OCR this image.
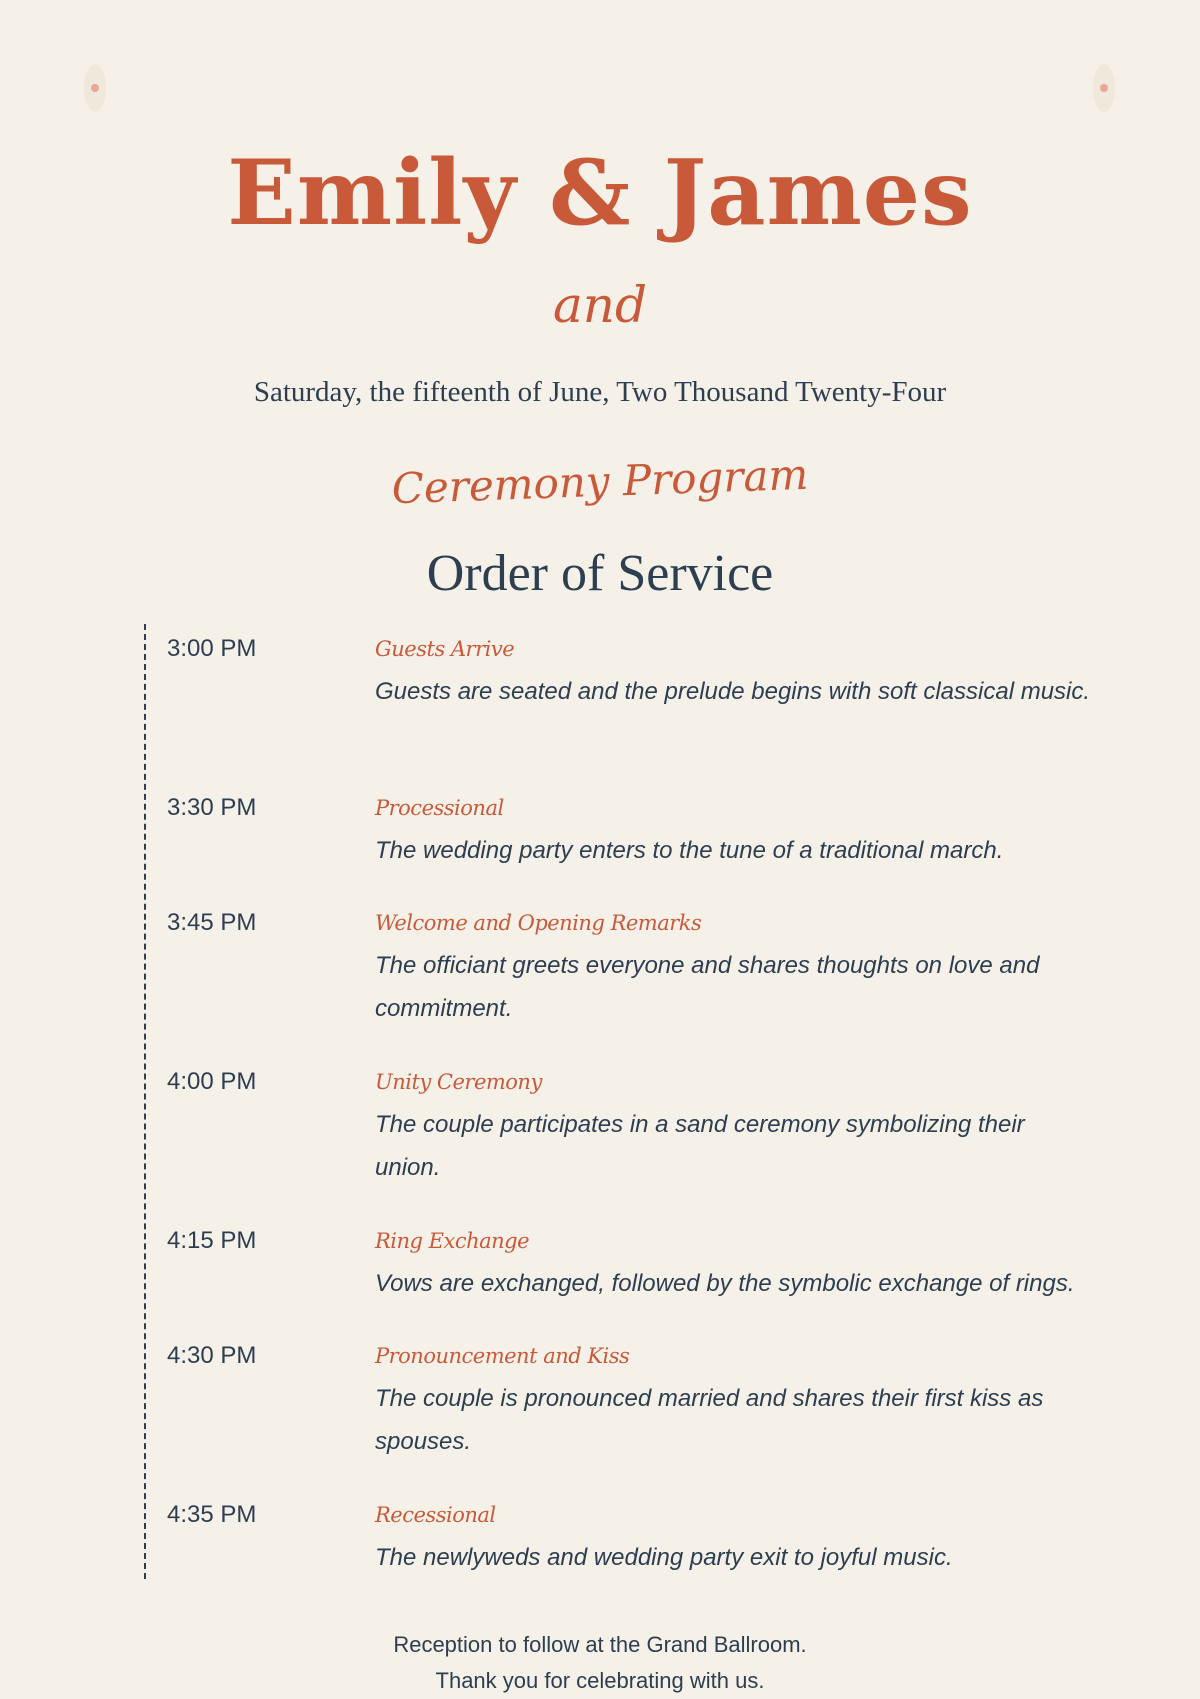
Emily & James
and
Saturday, the fifteenth of June, Two Thousand Twenty-Four
Ceremony Program
Order of Service
3:00 PM	Guests Arrive
Guests are seated and the prelude begins with soft classical music.
3:30 PM	Processional
The wedding party enters to the tune of a traditional march.
3:45 PM	Welcome and Opening Remarks
The officiant greets everyone and shares thoughts on love and commitment.
4:00 PM	Unity Ceremony
The couple participates in a sand ceremony symbolizing their union.
4:15 PM	Ring Exchange
Vows are exchanged, followed by the symbolic exchange of rings.
4:30 PM	Pronouncement and Kiss
The couple is pronounced married and shares their first kiss as spouses.
4:35 PM	Recessional
The newlyweds and wedding party exit to joyful music.
Reception to follow at the Grand Ballroom.
Thank you for celebrating with us.
